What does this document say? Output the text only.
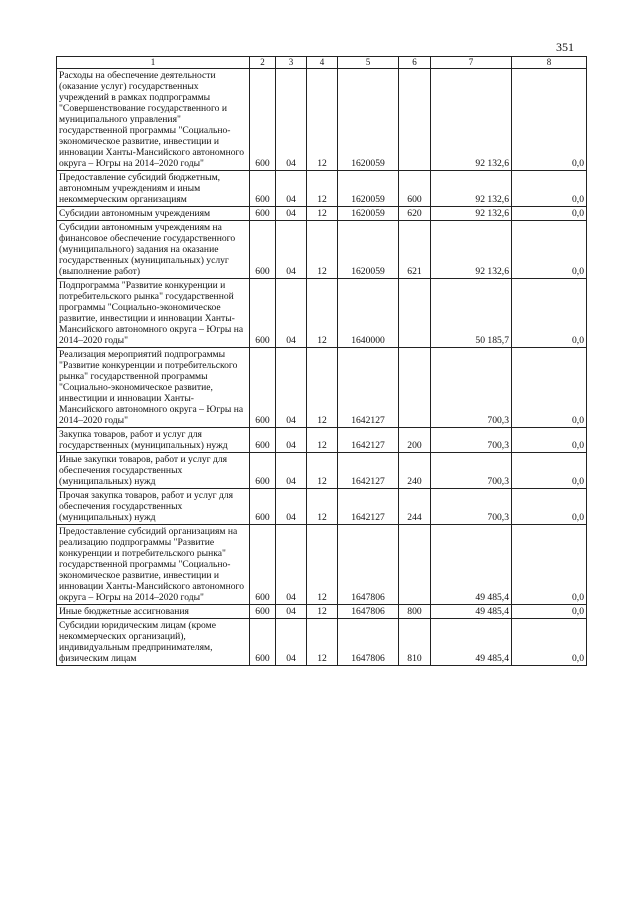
351
1	2	3	4	5	6	7	8
Расходы на обеспечение деятельности (оказание услуг) государственных учреждений в рамках подпрограммы "Совершенствование государственного и муниципального управления" государственной программы "Социально-экономическое развитие, инвестиции и инновации Ханты-Мансийского автономного округа – Югры на 2014–2020 годы"	600	04	12	1620059		92 132,6	0,0
Предоставление субсидий бюджетным, автономным учреждениям и иным некоммерческим организациям	600	04	12	1620059	600	92 132,6	0,0
Субсидии автономным учреждениям	600	04	12	1620059	620	92 132,6	0,0
Субсидии автономным учреждениям на финансовое обеспечение государственного (муниципального) задания на оказание государственных (муниципальных) услуг (выполнение работ)	600	04	12	1620059	621	92 132,6	0,0
Подпрограмма "Развитие конкуренции и потребительского рынка" государственной программы "Социально-экономическое развитие, инвестиции и инновации Ханты-Мансийского автономного округа – Югры на 2014–2020 годы"	600	04	12	1640000		50 185,7	0,0
Реализация мероприятий подпрограммы "Развитие конкуренции и потребительского рынка" государственной программы "Социально-экономическое развитие, инвестиции и инновации Ханты-Мансийского автономного округа – Югры на 2014–2020 годы"	600	04	12	1642127		700,3	0,0
Закупка товаров, работ и услуг для государственных (муниципальных) нужд	600	04	12	1642127	200	700,3	0,0
Иные закупки товаров, работ и услуг для обеспечения государственных (муниципальных) нужд	600	04	12	1642127	240	700,3	0,0
Прочая закупка товаров, работ и услуг для обеспечения государственных (муниципальных) нужд	600	04	12	1642127	244	700,3	0,0
Предоставление субсидий организациям на реализацию подпрограммы "Развитие конкуренции и потребительского рынка" государственной программы "Социально-экономическое развитие, инвестиции и инновации Ханты-Мансийского автономного округа – Югры на 2014–2020 годы"	600	04	12	1647806		49 485,4	0,0
Иные бюджетные ассигнования	600	04	12	1647806	800	49 485,4	0,0
Субсидии юридическим лицам (кроме некоммерческих организаций), индивидуальным предпринимателям, физическим лицам	600	04	12	1647806	810	49 485,4	0,0
